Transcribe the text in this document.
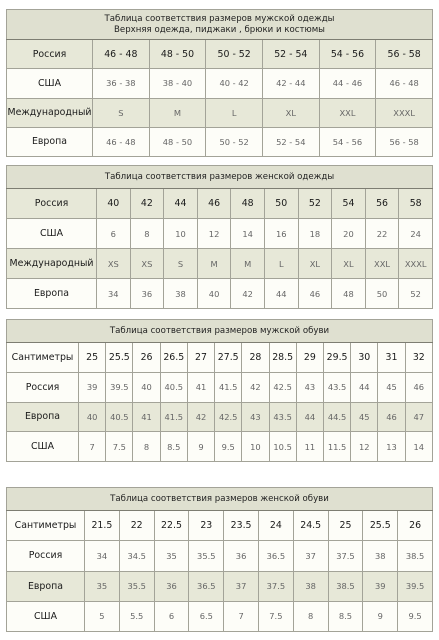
Таблица соответствия размеров мужской одежды
Верхняя одежда, пиджаки , брюки и костюмы						

Россия	46 - 48	48 - 50	50 - 52	52 - 54	54 - 56	56 - 58
США	36 - 38	38 - 40	40 - 42	42 - 44	44 - 46	46 - 48
Международный	S	M	L	XL	XXL	XXXL
Европа	46 - 48	48 - 50	50 - 52	52 - 54	54 - 56	56 - 58
Таблица соответствия размеров женской одежды										

Россия	40	42	44	46	48	50	52	54	56	58
США	6	8	10	12	14	16	18	20	22	24
Международный	XS	XS	S	M	M	L	XL	XL	XXL	XXXL
Европа	34	36	38	40	42	44	46	48	50	52
Таблица соответствия размеров мужской обуви													

Сантиметры	25	25.5	26	26.5	27	27.5	28	28.5	29	29.5	30	31	32
Россия	39	39.5	40	40.5	41	41.5	42	42.5	43	43.5	44	45	46
Европа	40	40.5	41	41.5	42	42.5	43	43.5	44	44.5	45	46	47
США	7	7.5	8	8.5	9	9.5	10	10.5	11	11.5	12	13	14
Таблица соответствия размеров женской обуви										

Сантиметры	21.5	22	22.5	23	23.5	24	24.5	25	25.5	26
Россия	34	34.5	35	35.5	36	36.5	37	37.5	38	38.5
Европа	35	35.5	36	36.5	37	37.5	38	38.5	39	39.5
США	5	5.5	6	6.5	7	7.5	8	8.5	9	9.5
